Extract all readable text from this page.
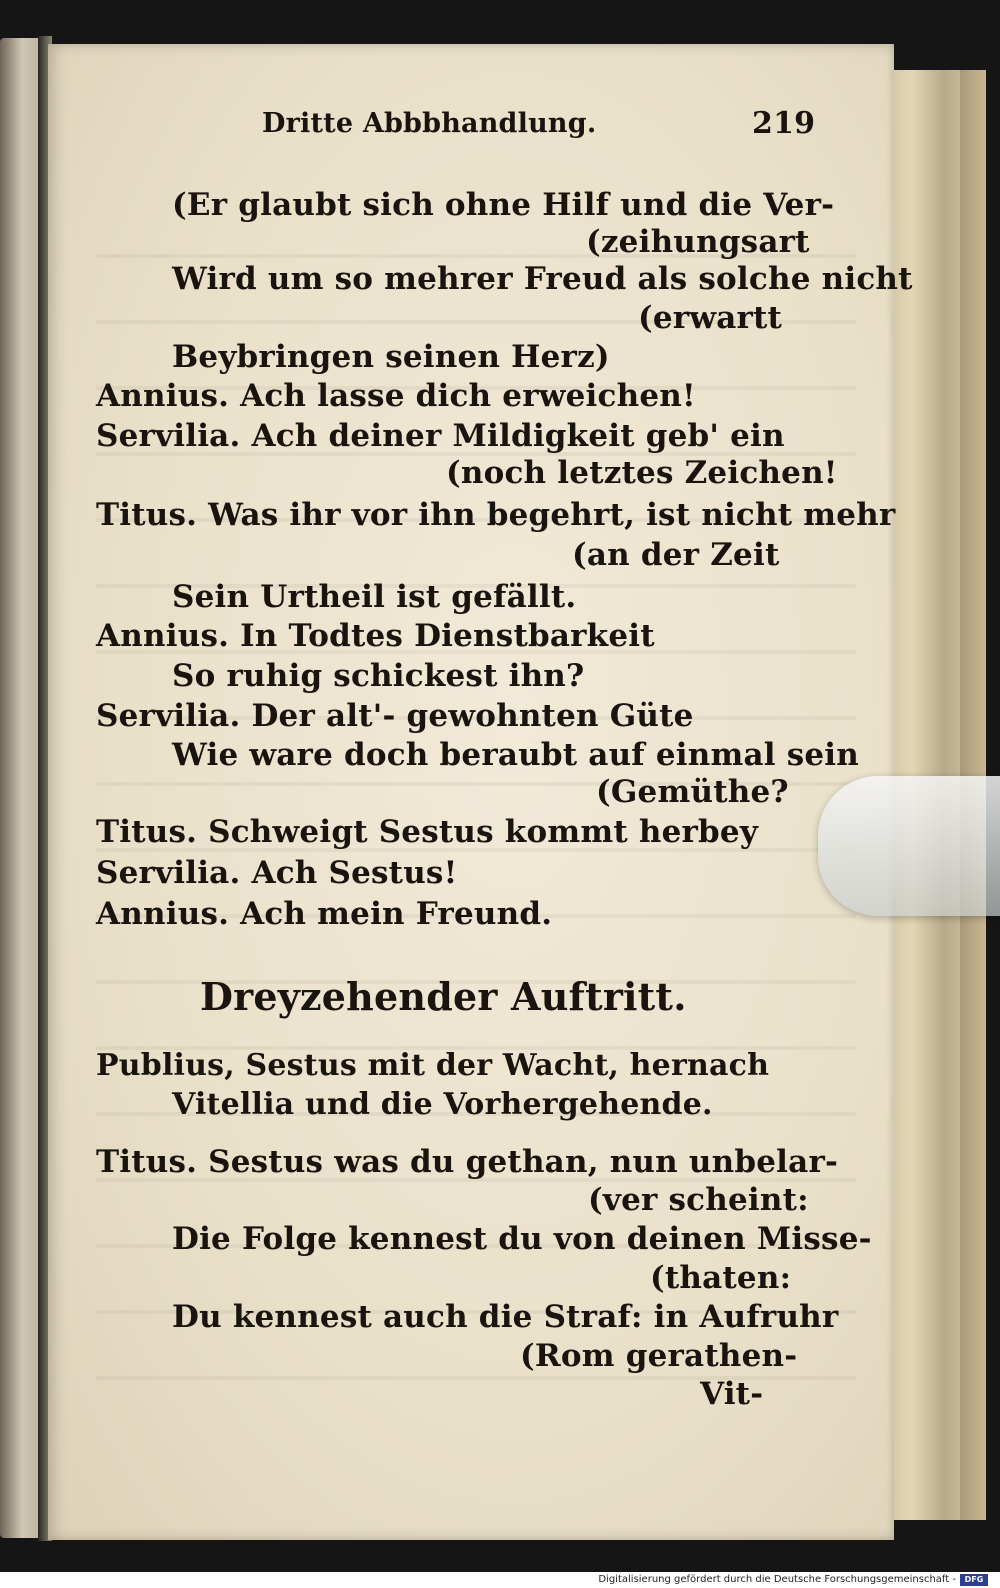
Dritte Abbbhandlung.	219
(Er glaubt sich ohne Hilf und die Ver-
(zeihungsart
Wird um so mehrer Freud als solche nicht
(erwartt
Beybringen seinen Herz)
Annius. Ach lasse dich erweichen!
Servilia. Ach deiner Mildigkeit geb' ein
(noch letztes Zeichen!
Titus. Was ihr vor ihn begehrt, ist nicht mehr
(an der Zeit
Sein Urtheil ist gefällt.
Annius. In Todtes Dienstbarkeit
So ruhig schickest ihn?
Servilia. Der alt'- gewohnten Güte
Wie ware doch beraubt auf einmal sein
(Gemüthe?
Titus. Schweigt Sestus kommt herbey
Servilia. Ach Sestus!
Annius. Ach mein Freund.
Dreyzehender Auftritt.
Publius, Sestus mit der Wacht, hernach
Vitellia und die Vorhergehende.
Titus. Sestus was du gethan, nun unbelar-
(ver scheint:
Die Folge kennest du von deinen Misse-
(thaten:
Du kennest auch die Straf: in Aufruhr
(Rom gerathen-
Vit-
Digitalisierung gefördert durch die Deutsche Forschungsgemeinschaft -	DFG
